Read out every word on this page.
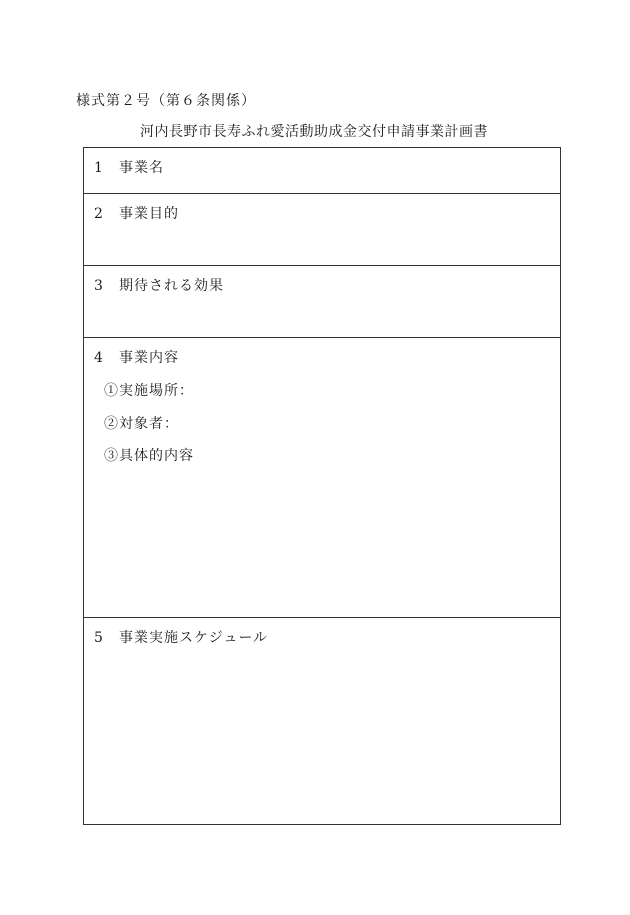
様式第２号（第６条関係）
河内長野市長寿ふれ愛活動助成金交付申請事業計画書
1 事業名
2 事業目的
3 期待される効果
4 事業内容
①実施場所：
②対象者：
③具体的内容
5 事業実施スケジュール
